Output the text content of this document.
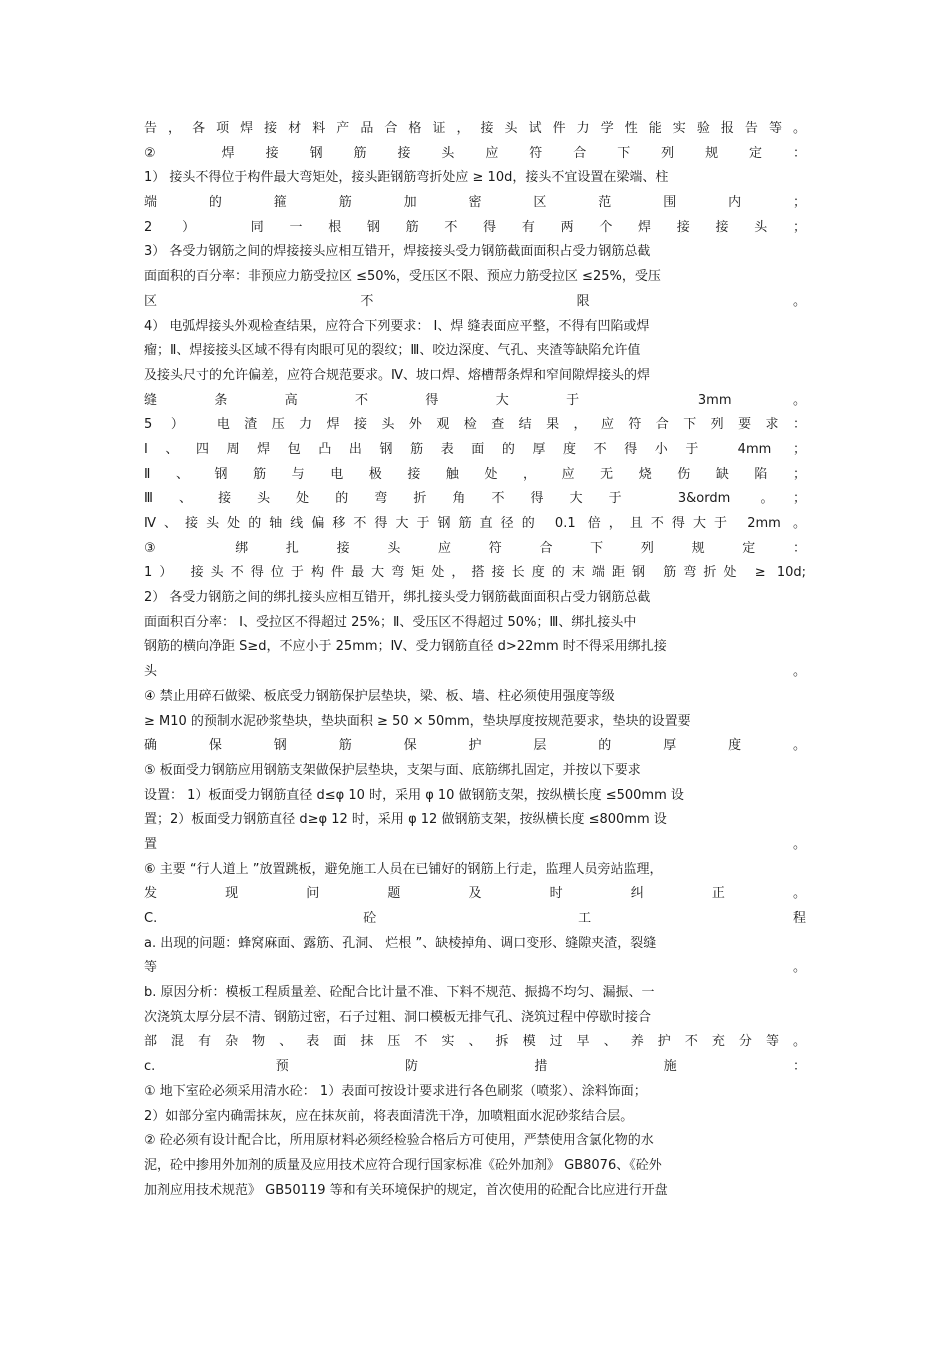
告，各项焊接材料产品合格证，接头试件力学性能实验报告等。
② 焊接钢筋接头应符合下列规定：
1） 接头不得位于构件最大弯矩处，接头距钢筋弯折处应 ≥ 10d，接头不宜设置在梁端、柱
端的箍筋加密区范围内；
2 ） 同一根钢筋不得有两个焊接接头；
3） 各受力钢筋之间的焊接接头应相互错开，焊接接头受力钢筋截面面积占受力钢筋总截
面面积的百分率：非预应力筋受拉区 ≤50%，受压区不限、预应力筋受拉区 ≤25%，受压
区不限。
4） 电弧焊接头外观检查结果，应符合下列要求： Ⅰ、焊 缝表面应平整，不得有凹陷或焊
瘤；Ⅱ、焊接接头区域不得有肉眼可见的裂纹；Ⅲ、咬边深度、气孔、夹渣等缺陷允许值
及接头尺寸的允许偏差，应符合规范要求。Ⅳ、坡口焊、熔槽帮条焊和窄间隙焊接头的焊
缝条高不得大于 3mm 。
5 ） 电渣压力焊接头外观检查结果，应符合下列要求：
Ⅰ、四周焊包凸出钢筋表面的厚度不得小于 4mm ；
Ⅱ、钢筋与电极接触处，应无烧伤缺陷；
Ⅲ、接头处的弯折角不得大于 3&ordm 。；
Ⅳ、接头处的轴线偏移不得大于钢筋直径的 0.1 倍，且不得大于 2mm 。
③ 绑扎接头应符合下列规定：
1） 接头不得位于构件最大弯矩处，搭接长度的末端距钢 筋弯折处 ≥ 10d;
2） 各受力钢筋之间的绑扎接头应相互错开，绑扎接头受力钢筋截面面积占受力钢筋总截
面面积百分率： Ⅰ、受拉区不得超过 25%；Ⅱ、受压区不得超过 50%；Ⅲ、绑扎接头中
钢筋的横向净距 S≥d，不应小于 25mm；Ⅳ、受力钢筋直径 d>22mm 时不得采用绑扎接
头。
④ 禁止用碎石做梁、板底受力钢筋保护层垫块，梁、板、墙、柱必须使用强度等级
≥ M10 的预制水泥砂浆垫块，垫块面积 ≥ 50 × 50mm，垫块厚度按规范要求，垫块的设置要
确保钢筋保护层的厚度。
⑤ 板面受力钢筋应用钢筋支架做保护层垫块，支架与面、底筋绑扎固定，并按以下要求
设置： 1）板面受力钢筋直径 d≤φ 10 时，采用 φ 10 做钢筋支架，按纵横长度 ≤500mm 设
置；2）板面受力钢筋直径 d≥φ 12 时，采用 φ 12 做钢筋支架，按纵横长度 ≤800mm 设
置。
⑥ 主要 “行人道上 ”放置跳板，避免施工人员在已铺好的钢筋上行走，监理人员旁站监理，
发现问题及时纠正。
C. 砼工程
a. 出现的问题：蜂窝麻面、露筋、孔洞、 烂根 ”、缺棱掉角、调口变形、缝隙夹渣，裂缝
等。
b. 原因分析：模板工程质量差、砼配合比计量不准、下料不规范、振捣不均匀、漏振、一
次浇筑太厚分层不清、钢筋过密，石子过粗、洞口模板无排气孔、浇筑过程中停歇时接合
部混有杂物、表面抹压不实、拆模过早、养护不充分等。
c. 预防措施：
① 地下室砼必须采用清水砼： 1）表面可按设计要求进行各色刷浆（喷浆）、涂料饰面；
2）如部分室内确需抹灰，应在抹灰前，将表面清洗干净，加喷粗面水泥砂浆结合层。
② 砼必须有设计配合比，所用原材料必须经检验合格后方可使用，严禁使用含氯化物的水
泥，砼中掺用外加剂的质量及应用技术应符合现行国家标准《砼外加剂》 GB8076、《砼外
加剂应用技术规范》 GB50119 等和有关环境保护的规定，首次使用的砼配合比应进行开盘
